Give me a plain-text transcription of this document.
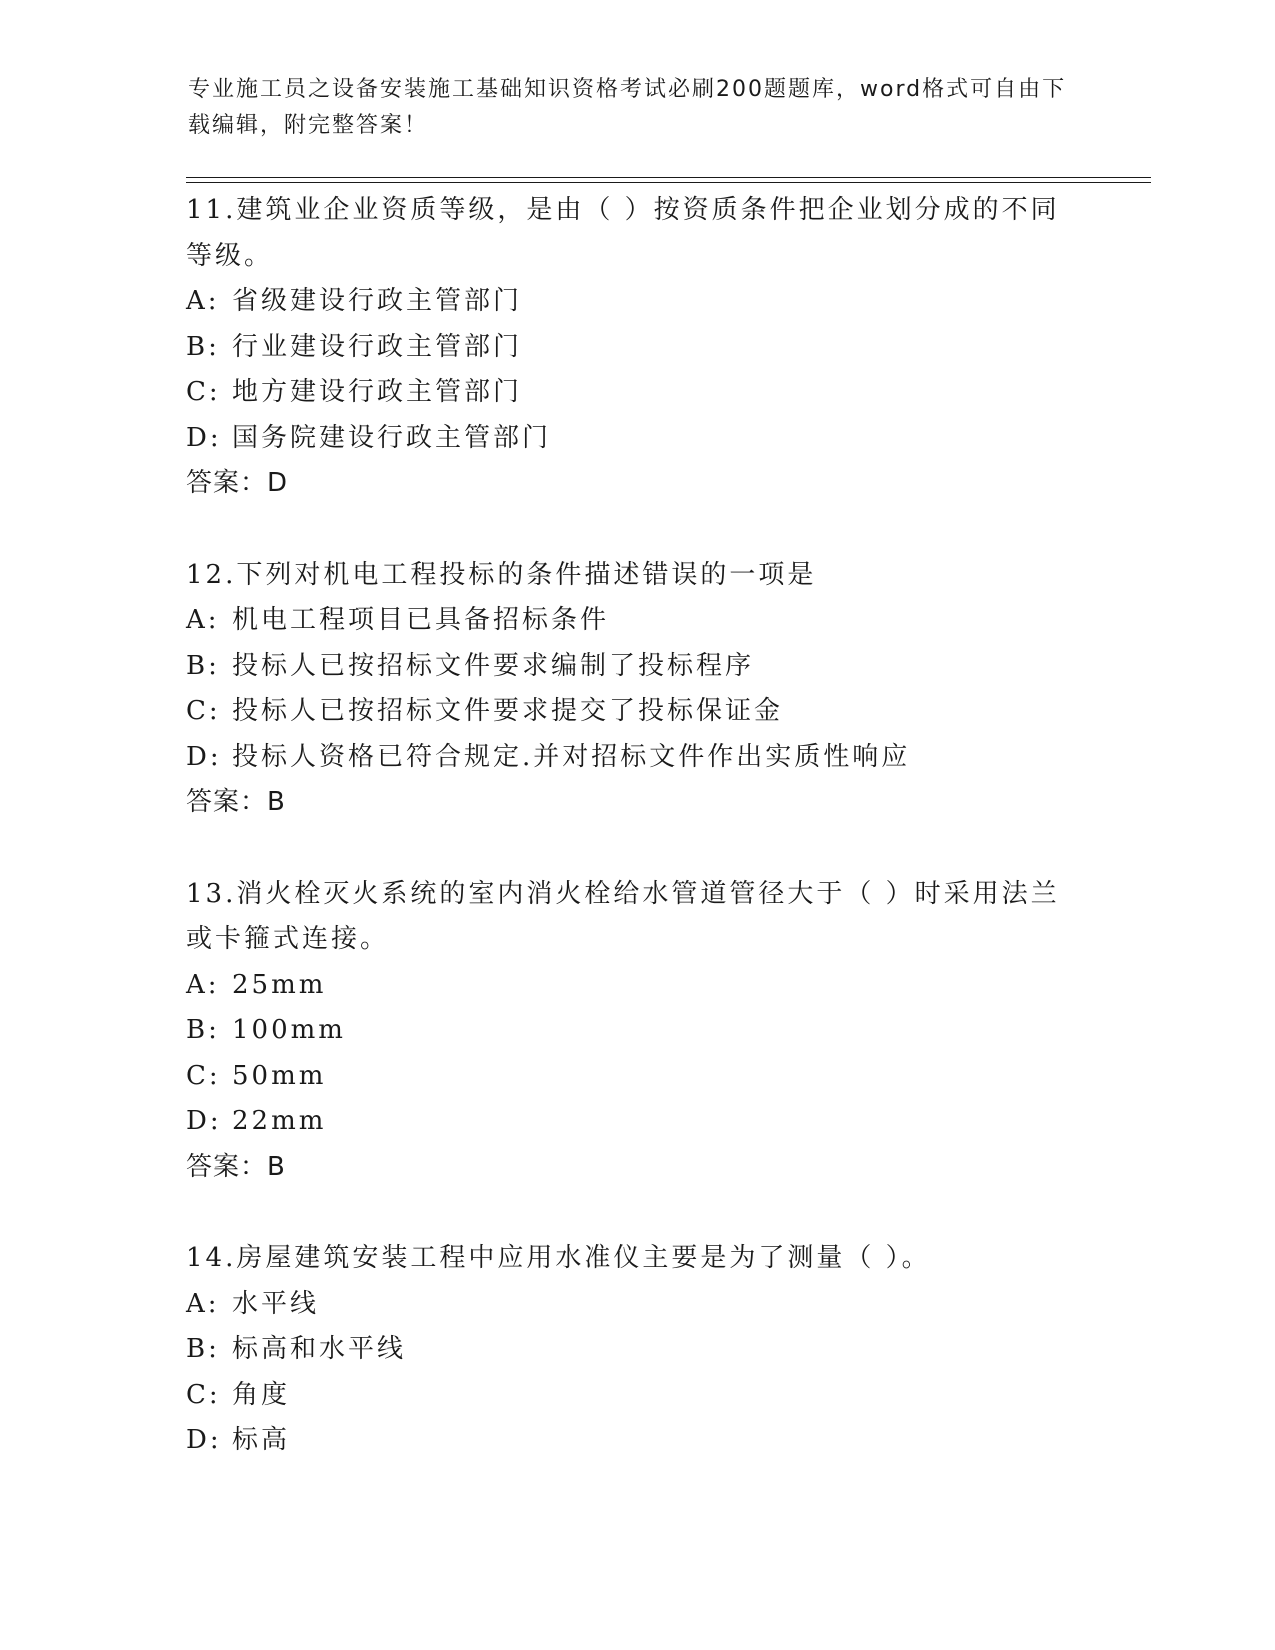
专业施工员之设备安装施工基础知识资格考试必刷200题题库，word格式可自由下载编辑，附完整答案！
11.建筑业企业资质等级，是由（ ）按资质条件把企业划分成的不同等级。
A: 省级建设行政主管部门
B: 行业建设行政主管部门
C: 地方建设行政主管部门
D: 国务院建设行政主管部门
答案：D
12.下列对机电工程投标的条件描述错误的一项是
A: 机电工程项目已具备招标条件
B: 投标人已按招标文件要求编制了投标程序
C: 投标人已按招标文件要求提交了投标保证金
D: 投标人资格已符合规定.并对招标文件作出实质性响应
答案：B
13.消火栓灭火系统的室内消火栓给水管道管径大于（ ）时采用法兰或卡箍式连接。
A: 25mm
B: 100mm
C: 50mm
D: 22mm
答案：B
14.房屋建筑安装工程中应用水准仪主要是为了测量（ ）。
A: 水平线
B: 标高和水平线
C: 角度
D: 标高
